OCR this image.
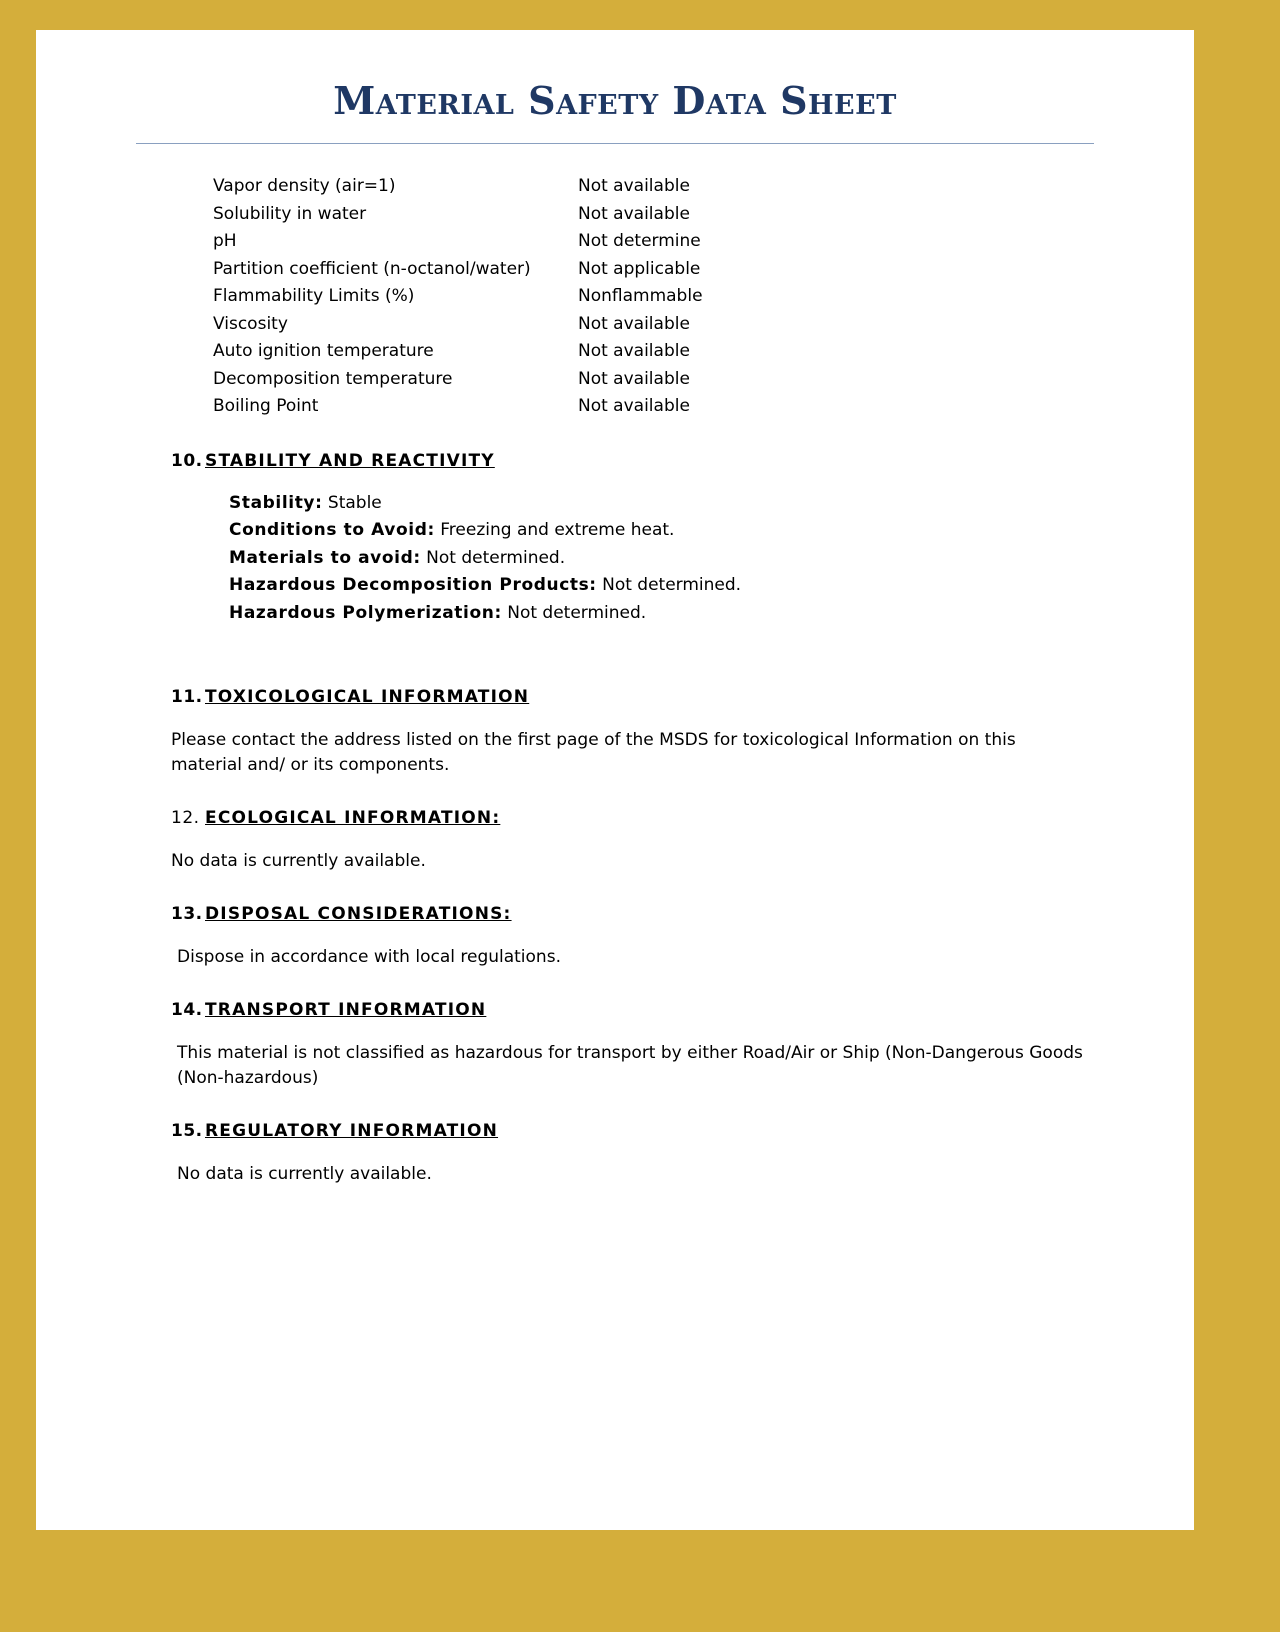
Material Safety Data Sheet
Vapor density (air=1)	Not available
Solubility in water	Not available
pH	Not determine
Partition coefficient (n-octanol/water)	Not applicable
Flammability Limits (%)	Nonflammable
Viscosity	Not available
Auto ignition temperature	Not available
Decomposition temperature	Not available
Boiling Point	Not available
10. STABILITY AND REACTIVITY
Stability: Stable
Conditions to Avoid: Freezing and extreme heat.
Materials to avoid: Not determined.
Hazardous Decomposition Products: Not determined.
Hazardous Polymerization: Not determined.
11. TOXICOLOGICAL INFORMATION

Please contact the address listed on the first page of the MSDS for toxicological Information on this material and/ or its components.

12. ECOLOGICAL INFORMATION:

No data is currently available.

13. DISPOSAL CONSIDERATIONS:

Dispose in accordance with local regulations.

14. TRANSPORT INFORMATION

This material is not classified as hazardous for transport by either Road/Air or Ship (Non-Dangerous Goods (Non-hazardous)

15. REGULATORY INFORMATION

No data is currently available.
